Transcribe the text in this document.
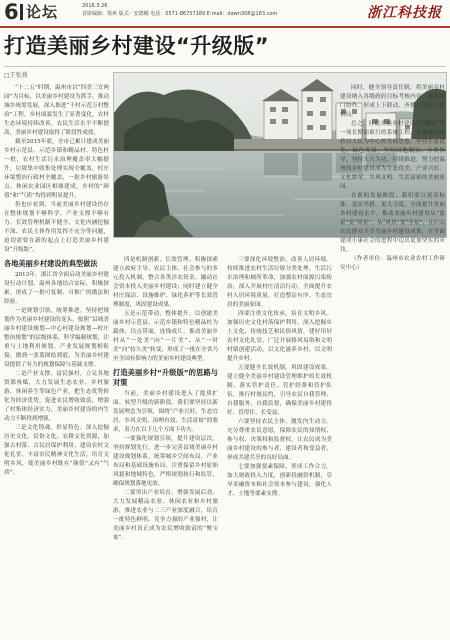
6 论坛	2016.3.26
首席编辑：梁爽 版式：安德娜 电话：0571-86757189 E-mail：dawn308@163.com	浙江科技报
打造美丽乡村建设“升级版”
□王张燕

“十二五”时期，温州市以“四美三宜两园”为目标，以美丽乡村建设为抓手，推动城乡统筹发展，深入推进“千村示范万村整治”工程，乡村面貌发生了显著变化，农村生态环境持续改善，农民生活水平不断提高，美丽乡村建设取得了阶段性成效。

截至2015年底，全市已累计建成美丽乡村示范县、示范乡镇和精品村、特色村一批，农村生活污水治理覆盖率大幅提升，垃圾集中收集处理实现全覆盖，村庄环境整治行政村全覆盖，一批乡村旅游景点、休闲农业园区相继建成，乡村的“颜值”和“气质”均得到明显提升。

但也应看到，当前美丽乡村建设仍存在整体规划不够科学、产业支撑不够有力、长效管理机制不健全、文化内涵挖掘不深、农民主体作用发挥不充分等问题，迫切需要在新的起点上打造美丽乡村建设“升级版”。

各地美丽乡村建设的典型做法

2013年，浙江省全面启动美丽乡村建设行动计划，温州各地结合实际，积极探索，形成了一批可复制、可推广的做法和经验。

一是规划引领，统筹推进。坚持把规划作为美丽乡村建设的龙头，按照“县域美丽乡村建设规划—中心村建设规划—村庄整治规划”的层级体系，科学编制规划，注重与土地利用规划、产业发展规划相衔接，做到一张蓝图绘到底，为美丽乡村建设提供了有力的规划保障与基础支撑。

二是产业支撑，富民强村。立足各地资源禀赋，大力发展生态农业、乡村旅游、休闲养生等绿色产业，把生态优势转化为经济优势，促进农民增收致富，增强了村集体经济实力，美丽乡村建设的内生动力不断得到增强。

三是文化铸魂，彰显特色。深入挖掘历史文化、民俗文化、农耕文化资源，加强古村落、古民居保护利用，建设农村文化礼堂，丰富农民精神文化生活，培育文明乡风，使美丽乡村既有“颜值”又有“气质”。

四是机制创新，长效管理。积极探索建立政府主导、农民主体、社会参与的多元投入机制，整合各类涉农资金，撬动社会资本投入美丽乡村建设；同时建立健全村庄保洁、设施维护、绿化养护等长效管理制度，巩固建设成果。

五是示范带动，整体提升。以创建美丽乡村示范县、示范乡镇和特色精品村为载体，以点带面，连线成片，推动美丽乡村从“一处美”向“一片美”、从“一时美”向“持久美”转变，形成了一批在全省乃至全国有影响力的美丽乡村建设典型。

打造美丽乡村“升级版”的思路与对策

当前，美丽乡村建设进入了提质扩面、转型升级的新阶段。我们要坚持以新发展理念为引领，围绕“产业兴旺、生态宜居、乡风文明、治理有效、生活富裕”的要求，着力在以下几个方面下功夫。

一要强化规划引领，提升建设层次。坚持规划先行，进一步完善县域美丽乡村建设规划体系，统筹城乡空间布局、产业布局和基础设施布局，注重保留乡村原始风貌和地域特色，严格规划执行和监管，确保规划落地见效。

二要突出产业培育，增强发展后劲。大力发展精品农业、休闲农业和乡村旅游，推进农业与二三产业深度融合，培育一批特色鲜明、竞争力强的产业强村，让美丽乡村真正成为农民增收致富的“聚宝盆”。

三要深化环境整治，改善人居环境。持续推进农村生活垃圾分类处理、生活污水治理和厕所革命，加强农村面源污染防治，深入开展村庄清洁行动，全面提升农村人居环境质量，打造整洁有序、生态宜居的美丽家园。

四要注重文化传承，培育文明乡风。加强历史文化村落保护利用，深入挖掘乡土文化、传统技艺和民俗风情，建好用好农村文化礼堂，广泛开展移风易俗和文明村镇创建活动，以文化滋养乡村，以文明提升乡村。

五要健全长效机制，巩固建设成果。建立健全美丽乡村建设管理维护的长效机制，落实管护责任、管护经费和管护队伍，推行村规民约，引导农民自我管理、自我服务、自我监督，确保美丽乡村建得好、管得住、长受益。

六要坚持农民主体，激发内生动力。充分尊重农民意愿，保障农民的知情权、参与权、决策权和监督权，让农民成为美丽乡村建设的参与者、建设者和受益者，形成共建共享的良好局面。

七要加强要素保障，形成工作合力。加大财政投入力度，创新投融资机制，引导金融资本和社会资本参与建设，强化人才、土地等要素支撑。

同时，健全领导责任制，将美丽乡村建设纳入各级政府目标考核内容，强化部门协作，形成上下联动、齐抓共管的工作格局。

总之，打造美丽乡村建设“升级版”是一项长期而艰巨的系统工程，需要我们坚持以人民为中心的发展思想，坚持生态优先、绿色发展，坚持因地制宜、分类指导，坚持久久为功、持续推进，努力把温州的乡村建设成为生态优美、产业兴旺、文化繁荣、乡风文明、生活富裕的美丽家园。

在新的发展阶段，我们要以更高标准、更实举措、更大力度，全面提升美丽乡村建设水平，推动美丽乡村建设从“盆景”变“风景”，从“风景”变“全景”，让广大农民群众共享美丽乡村建设成果，在全面建成小康社会的进程中迈出更加坚实的步伐。

（作者单位：温州市农业农村工作研究中心）
